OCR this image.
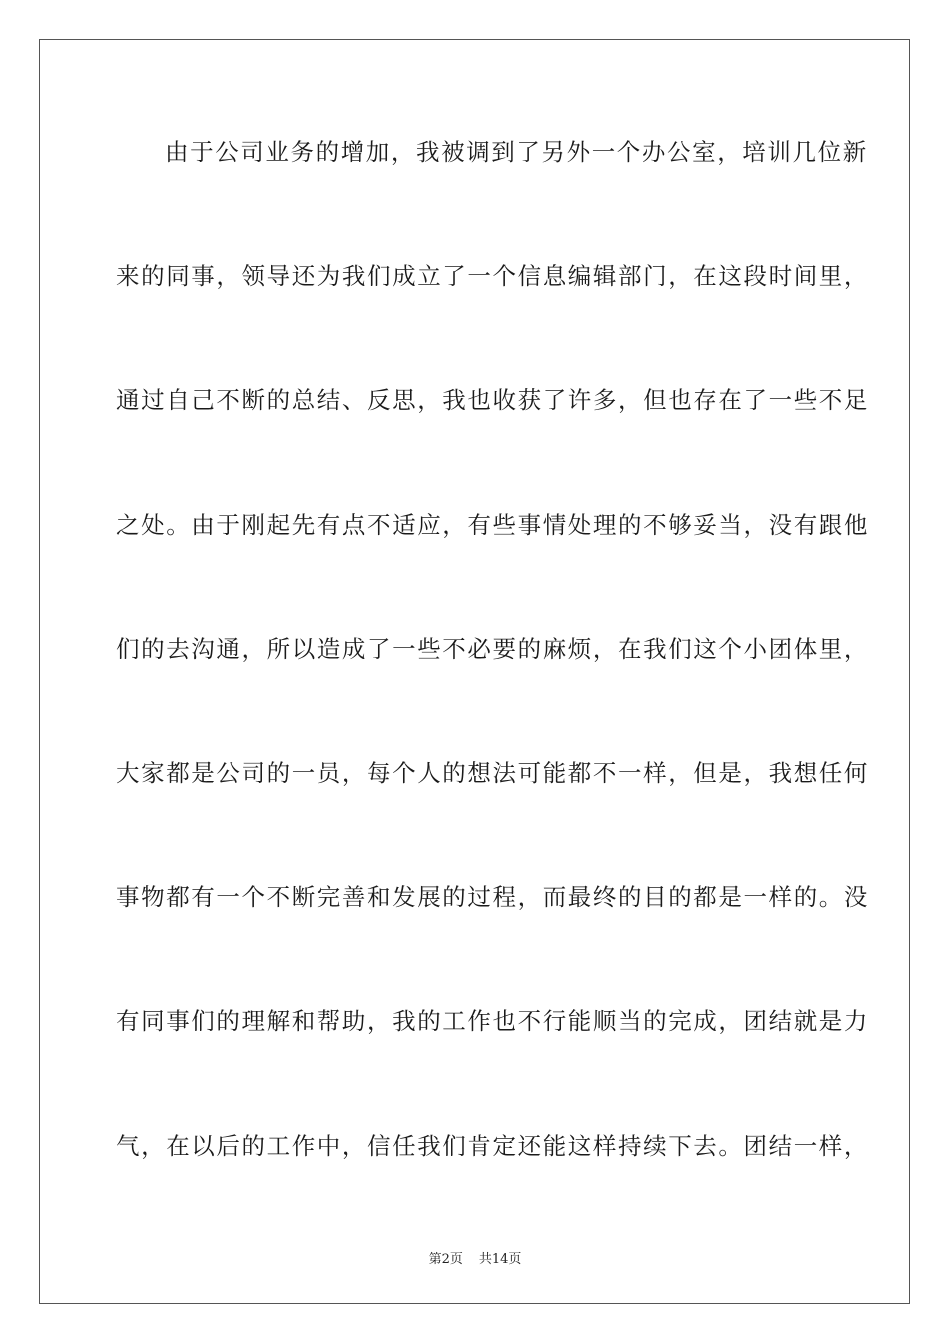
由于公司业务的增加，我被调到了另外一个办公室，培训几位新
来的同事，领导还为我们成立了一个信息编辑部门，在这段时间里，
通过自己不断的总结、反思，我也收获了许多，但也存在了一些不足
之处。由于刚起先有点不适应，有些事情处理的不够妥当，没有跟他
们的去沟通，所以造成了一些不必要的麻烦，在我们这个小团体里，
大家都是公司的一员，每个人的想法可能都不一样，但是，我想任何
事物都有一个不断完善和发展的过程，而最终的目的都是一样的。没
有同事们的理解和帮助，我的工作也不行能顺当的完成，团结就是力
气，在以后的工作中，信任我们肯定还能这样持续下去。团结一样，
第2页 共14页
